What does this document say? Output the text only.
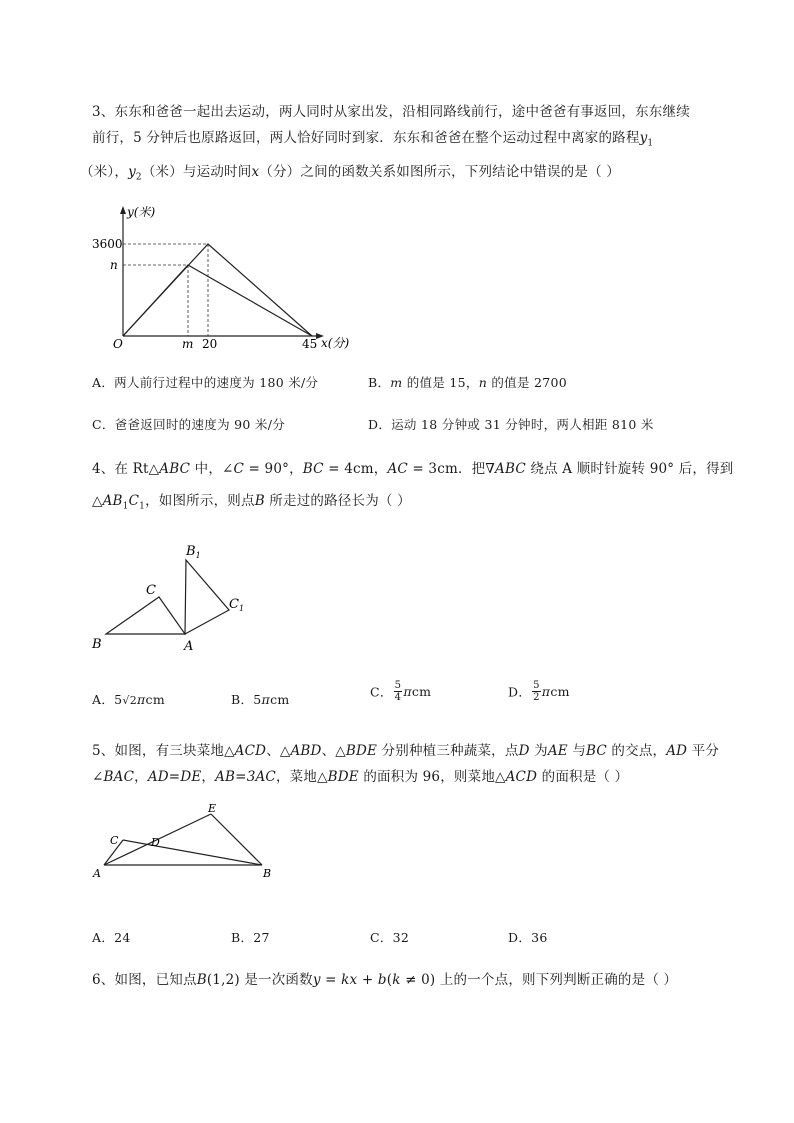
3、东东和爸爸一起出去运动，两人同时从家出发，沿相同路线前行，途中爸爸有事返回，东东继续
前行，5 分钟后也原路返回，两人恰好同时到家．东东和爸爸在整个运动过程中离家的路程$y_1$
（米），$y_2$（米）与运动时间x（分）之间的函数关系如图所示，下列结论中错误的是（ ）
y(米)
x(分)
O
3600
n
m 20	45
A．两人前行过程中的速度为 180 米/分	B．m 的值是 15，n 的值是 2700
C．爸爸返回时的速度为 90 米/分	D．运动 18 分钟或 31 分钟时，两人相距 810 米
4、在 Rt△ABC 中，∠C = 90°，BC = 4cm，AC = 3cm．把∇ABC 绕点 A 顺时针旋转 90° 后，得到
$\triangle AB_1C_1$，如图所示，则点B 所走过的路径长为（ ）
B
C
A
$B_1$
$C_1$
A．5√2πcm	B．5πcm	C． $\frac{5}{4}$ πcm	D． $\frac{5}{2}$ πcm
5、如图，有三块菜地△ACD、△ABD、△BDE 分别种植三种蔬菜，点D 为AE 与BC 的交点，AD 平分
∠BAC，AD=DE，AB=3AC，菜地△BDE 的面积为 96，则菜地△ACD 的面积是（ ）
A	B
C	D
E
A．24	B．27	C．32	D．36
6、如图，已知点B(1,2) 是一次函数y = kx + b(k ≠ 0) 上的一个点，则下列判断正确的是（ ）
